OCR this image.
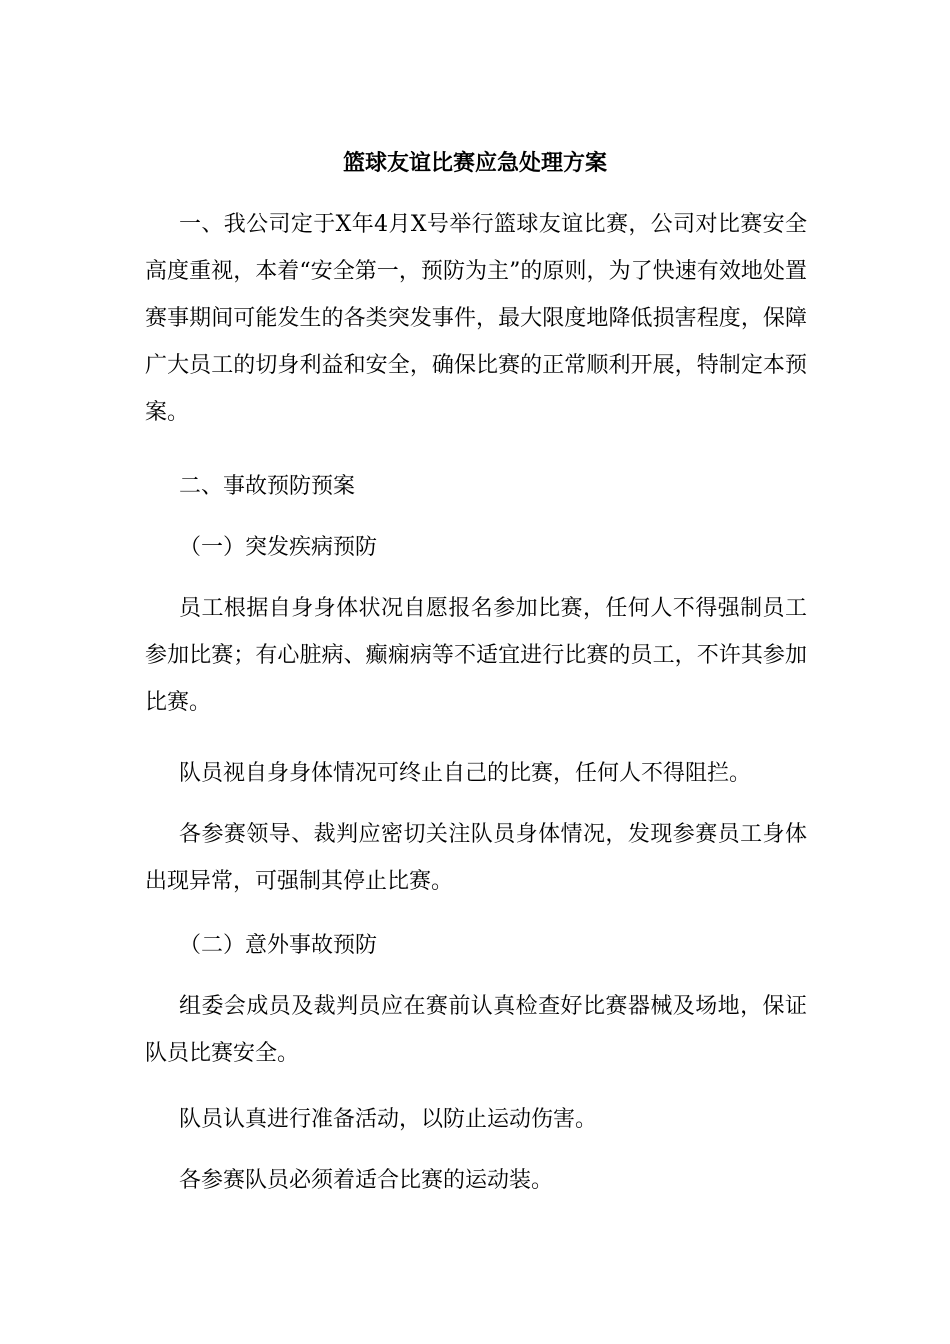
篮球友谊比赛应急处理方案

一、我公司定于X年4月X号举行篮球友谊比赛，公司对比赛安全高度重视，本着“安全第一，预防为主”的原则，为了快速有效地处置赛事期间可能发生的各类突发事件，最大限度地降低损害程度，保障广大员工的切身利益和安全，确保比赛的正常顺利开展，特制定本预案。

二、事故预防预案

（一）突发疾病预防

员工根据自身身体状况自愿报名参加比赛，任何人不得强制员工参加比赛；有心脏病、癫痫病等不适宜进行比赛的员工，不许其参加比赛。

队员视自身身体情况可终止自己的比赛，任何人不得阻拦。

各参赛领导、裁判应密切关注队员身体情况，发现参赛员工身体出现异常，可强制其停止比赛。

（二）意外事故预防

组委会成员及裁判员应在赛前认真检查好比赛器械及场地，保证队员比赛安全。

队员认真进行准备活动，以防止运动伤害。

各参赛队员必须着适合比赛的运动装。
